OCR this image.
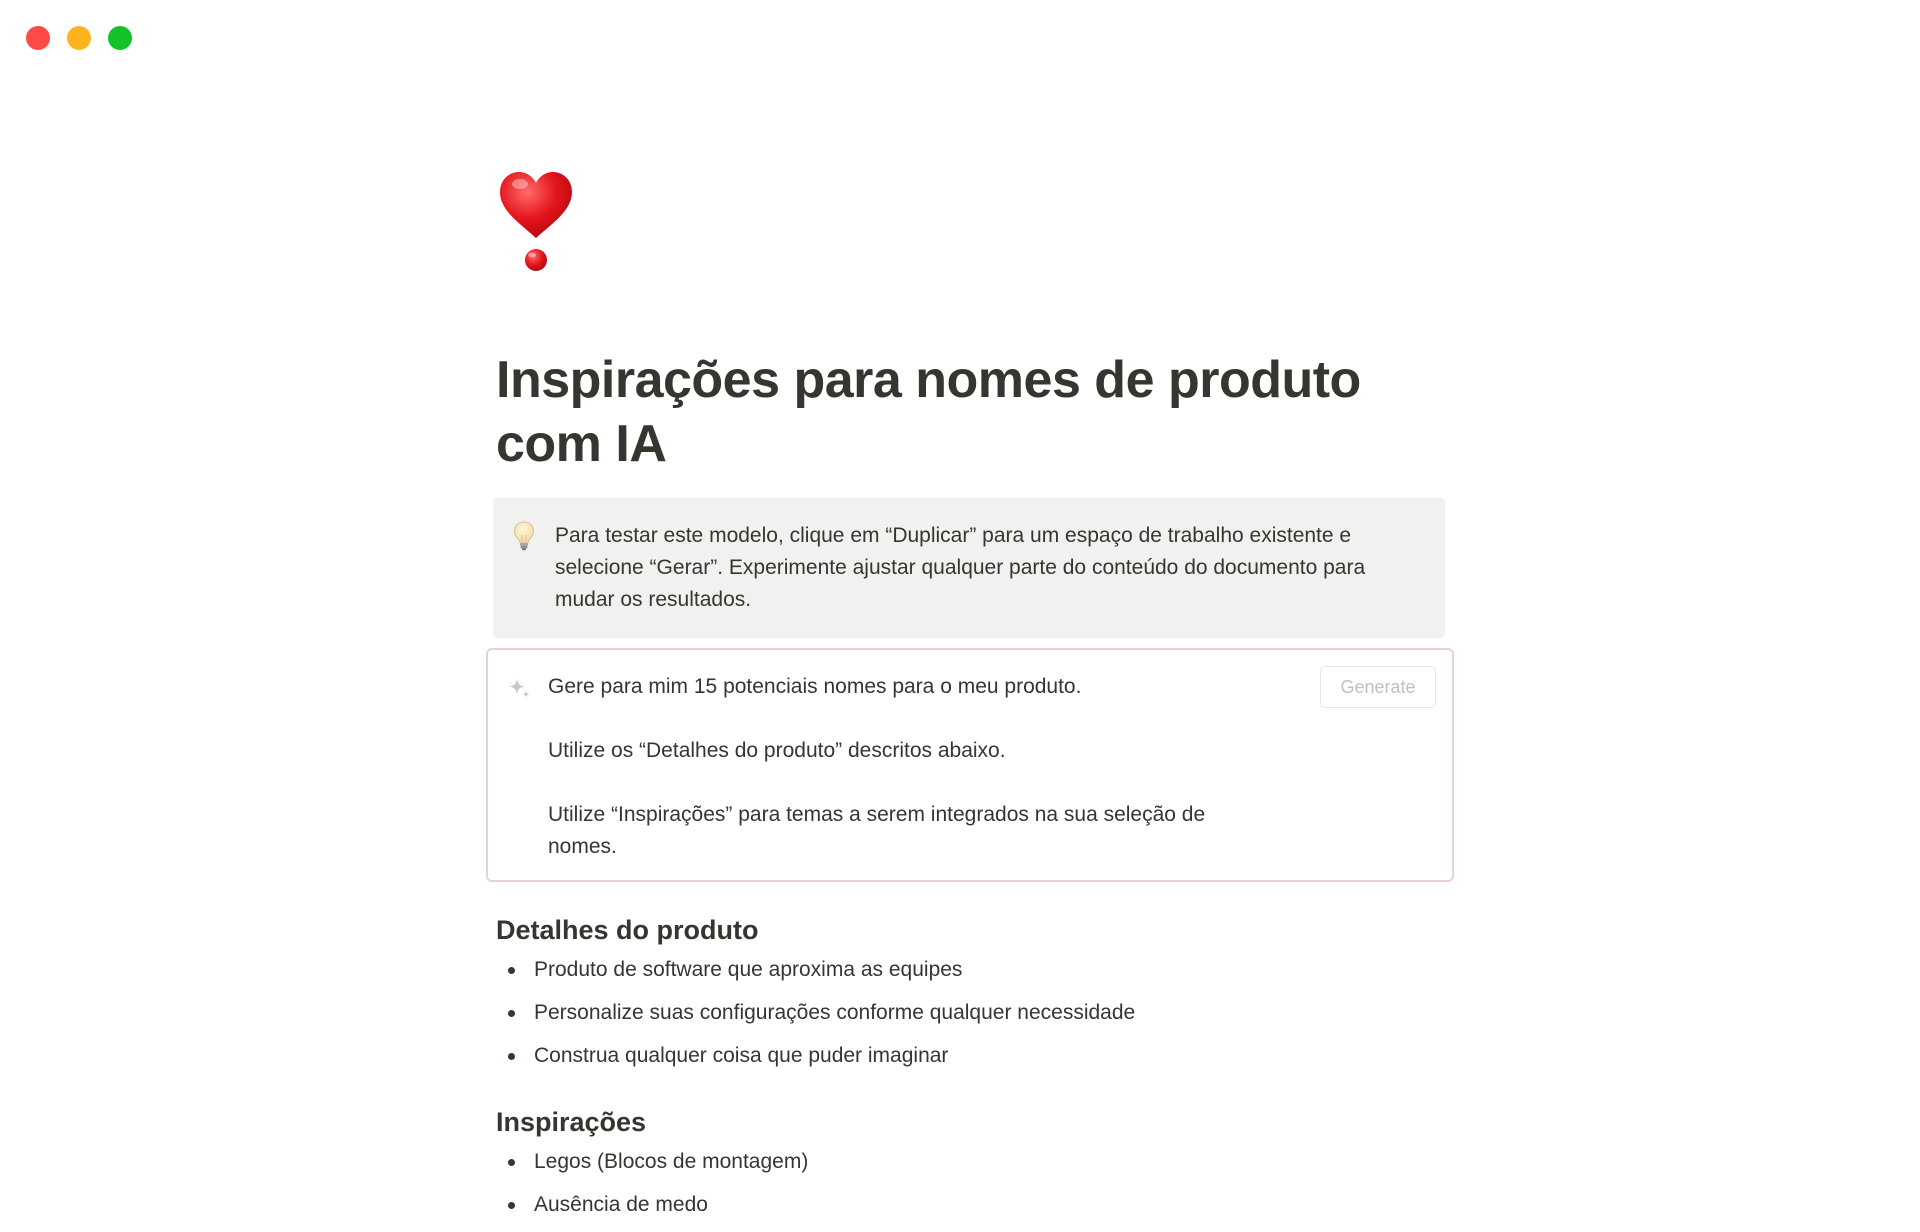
Inspirações para nomes de produto com IA
Para testar este modelo, clique em “Duplicar” para um espaço de trabalho existente e selecione “Gerar”. Experimente ajustar qualquer parte do conteúdo do documento para mudar os resultados.

Gere para mim 15 potenciais nomes para o meu produto.

Utilize os “Detalhes do produto” descritos abaixo.

Utilize “Inspirações” para temas a serem integrados na sua seleção de nomes.

Generate
Detalhes do produto
Produto de software que aproxima as equipes
Personalize suas configurações conforme qualquer necessidade
Construa qualquer coisa que puder imaginar
Inspirações
Legos (Blocos de montagem)
Ausência de medo
